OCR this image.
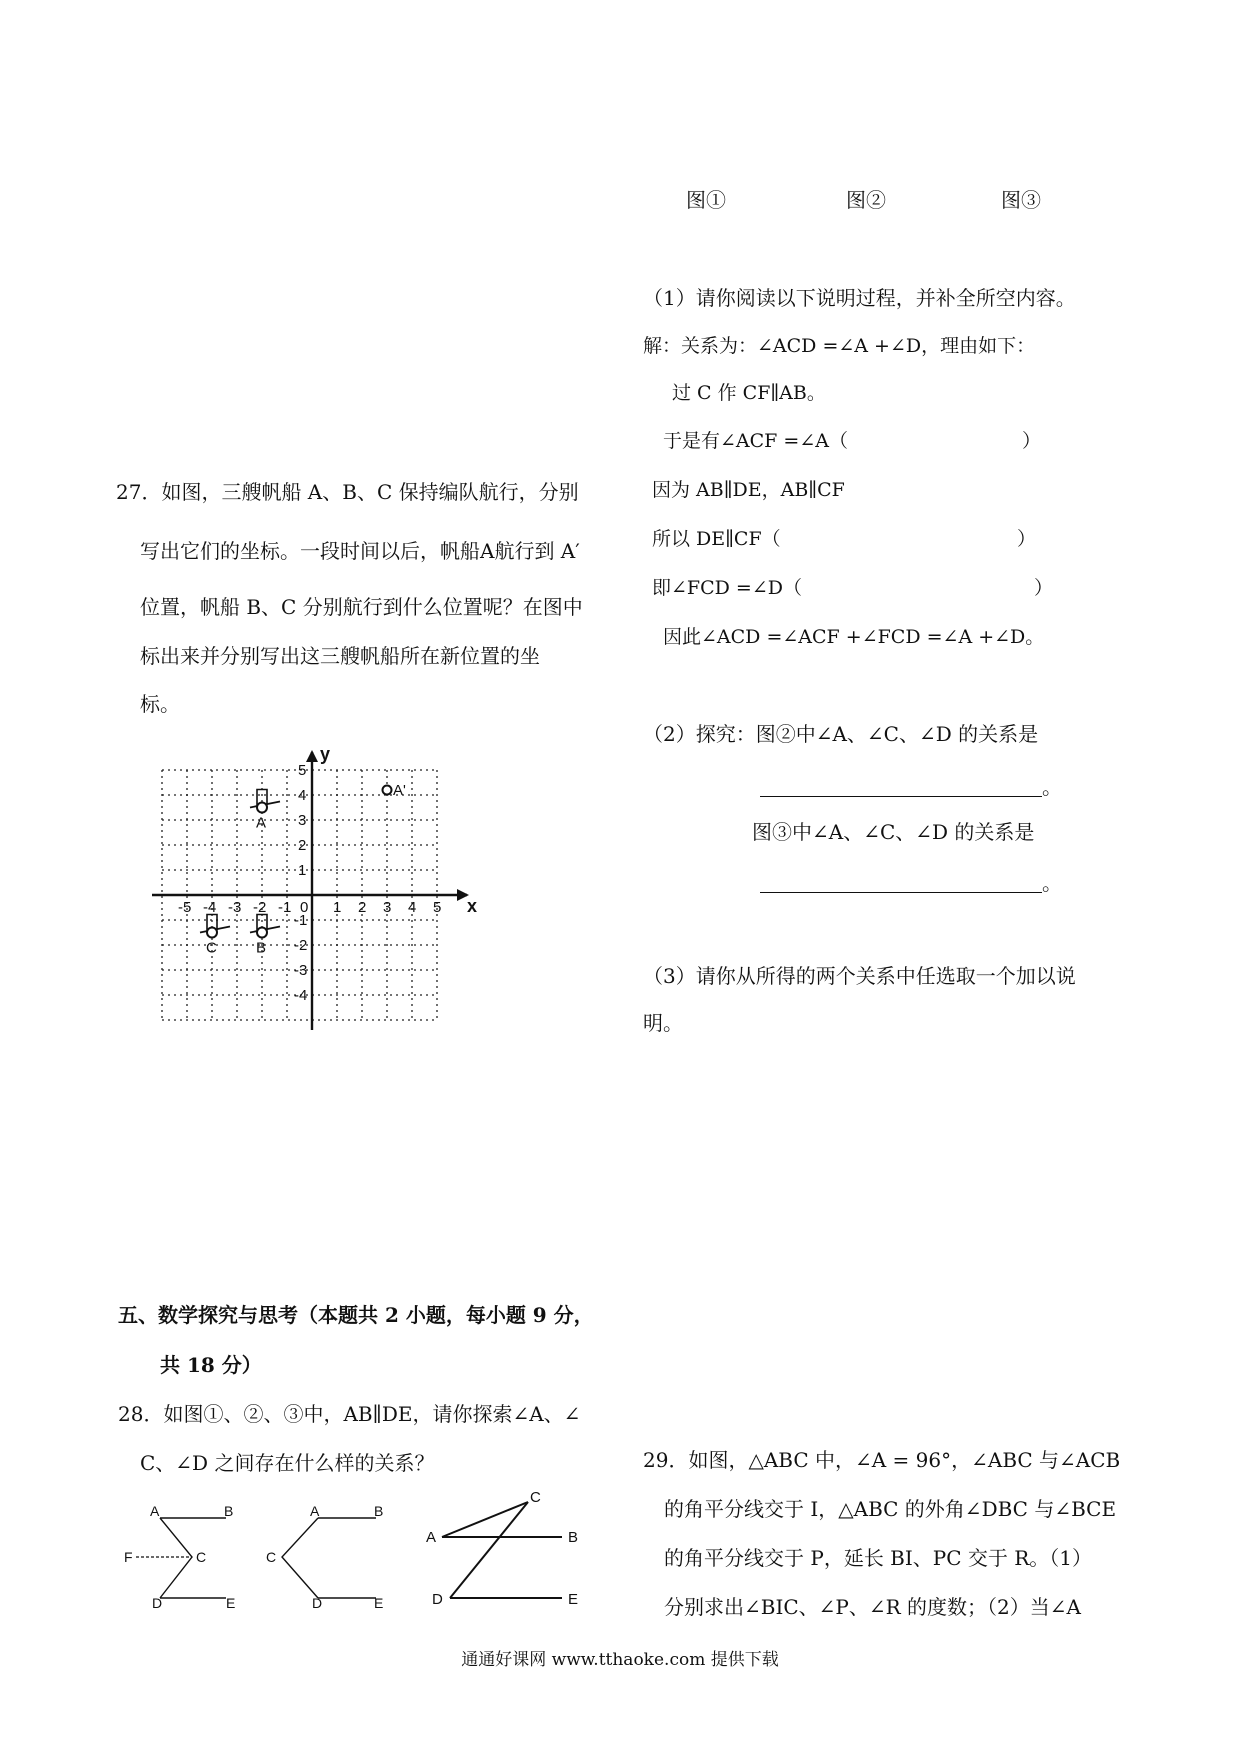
图①	图②	图③
（1）请你阅读以下说明过程，并补全所空内容。
解：关系为：∠ACD =∠A +∠D，理由如下：
过 C 作 CF∥AB。
于是有∠ACF =∠A（	）
因为 AB∥DE，AB∥CF
所以 DE∥CF（	）
即∠FCD =∠D（	）
因此∠ACD =∠ACF +∠FCD =∠A +∠D。
（2）探究：图②中∠A、∠C、∠D 的关系是
。
图③中∠A、∠C、∠D 的关系是
。
（3）请你从所得的两个关系中任选取一个加以说
明。
29．如图，△ABC 中，∠A = 96°，∠ABC 与∠ACB
的角平分线交于 I，△ABC 的外角∠DBC 与∠BCE
的角平分线交于 P，延长 BI、PC 交于 R。（1）
分别求出∠BIC、∠P、∠R 的度数；（2）当∠A
27．如图，三艘帆船 A、B、C 保持编队航行，分别
写出它们的坐标。一段时间以后，帆船A航行到 A′
位置，帆船 B、C 分别航行到什么位置呢？在图中
标出来并分别写出这三艘帆船所在新位置的坐
标。
x
y
0
-5 -4 -3 -2 -1	1 2 3 4 5
5
4
3
2
1
-1
-2
-3
-4
A
A'
B
C
五、数学探究与思考（本题共 2 小题，每小题 9 分，
共 18 分）
28．如图①、②、③中，AB∥DE，请你探索∠A、∠
C、∠D 之间存在什么样的关系？
A	B
F	C
D	E
A	B
C
D	E
C
A	B
D	E
通通好课网 www.tthaoke.com 提供下载
